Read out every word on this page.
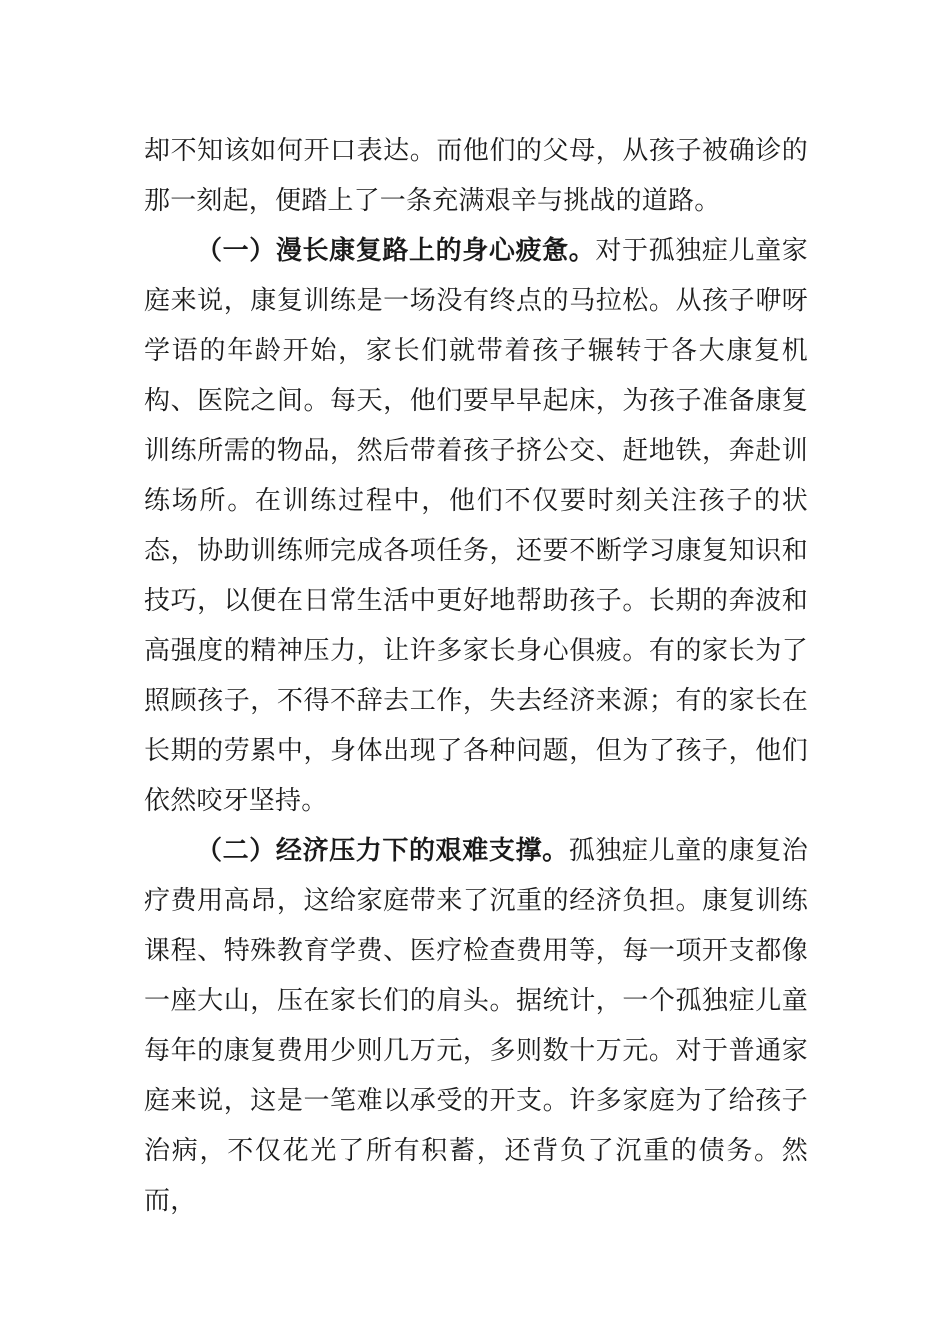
却不知该如何开口表达。而他们的父母，从孩子被确诊的那一刻起，便踏上了一条充满艰辛与挑战的道路。

（一）漫长康复路上的身心疲惫。对于孤独症儿童家庭来说，康复训练是一场没有终点的马拉松。从孩子咿呀学语的年龄开始，家长们就带着孩子辗转于各大康复机构、医院之间。每天，他们要早早起床，为孩子准备康复训练所需的物品，然后带着孩子挤公交、赶地铁，奔赴训练场所。在训练过程中，他们不仅要时刻关注孩子的状态，协助训练师完成各项任务，还要不断学习康复知识和技巧，以便在日常生活中更好地帮助孩子。长期的奔波和高强度的精神压力，让许多家长身心俱疲。有的家长为了照顾孩子，不得不辞去工作，失去经济来源；有的家长在长期的劳累中，身体出现了各种问题，但为了孩子，他们依然咬牙坚持。

（二）经济压力下的艰难支撑。孤独症儿童的康复治疗费用高昂，这给家庭带来了沉重的经济负担。康复训练课程、特殊教育学费、医疗检查费用等，每一项开支都像一座大山，压在家长们的肩头。据统计，一个孤独症儿童每年的康复费用少则几万元，多则数十万元。对于普通家庭来说，这是一笔难以承受的开支。许多家庭为了给孩子治病，不仅花光了所有积蓄，还背负了沉重的债务。然而，
